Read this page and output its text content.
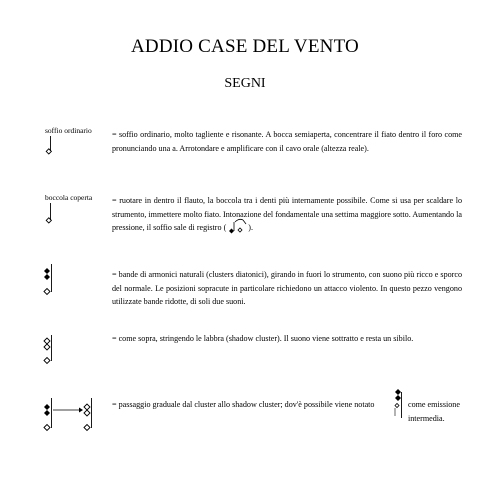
ADDIO CASE DEL VENTO
SEGNI
soffio ordinario	= soffio ordinario, molto tagliente e risonante. A bocca semiaperta, concentrare il fiato dentro il foro come pronunciando una a. Arrotondare e amplificare con il cavo orale (altezza reale).
boccola coperta = ruotare in dentro il flauto, la boccola tra i denti più internamente possibile. Come si usa per scaldare lo strumento, immettere molto fiato. Intonazione del fondamentale una settima maggiore sotto. Aumentando la pressione, il soffio sale di registro (	).
= bande di armonici naturali (clusters diatonici), girando in fuori lo strumento, con suono più ricco e sporco del normale. Le posizioni sopracute in particolare richiedono un attacco violento. In questo pezzo vengono utilizzate bande ridotte, di soli due suoni.
= come sopra, stringendo le labbra (shadow cluster). Il suono viene sottratto e resta un sibilo.
= passaggio graduale dal cluster allo shadow cluster; dov'è possibile viene notato	come emissione intermedia.
